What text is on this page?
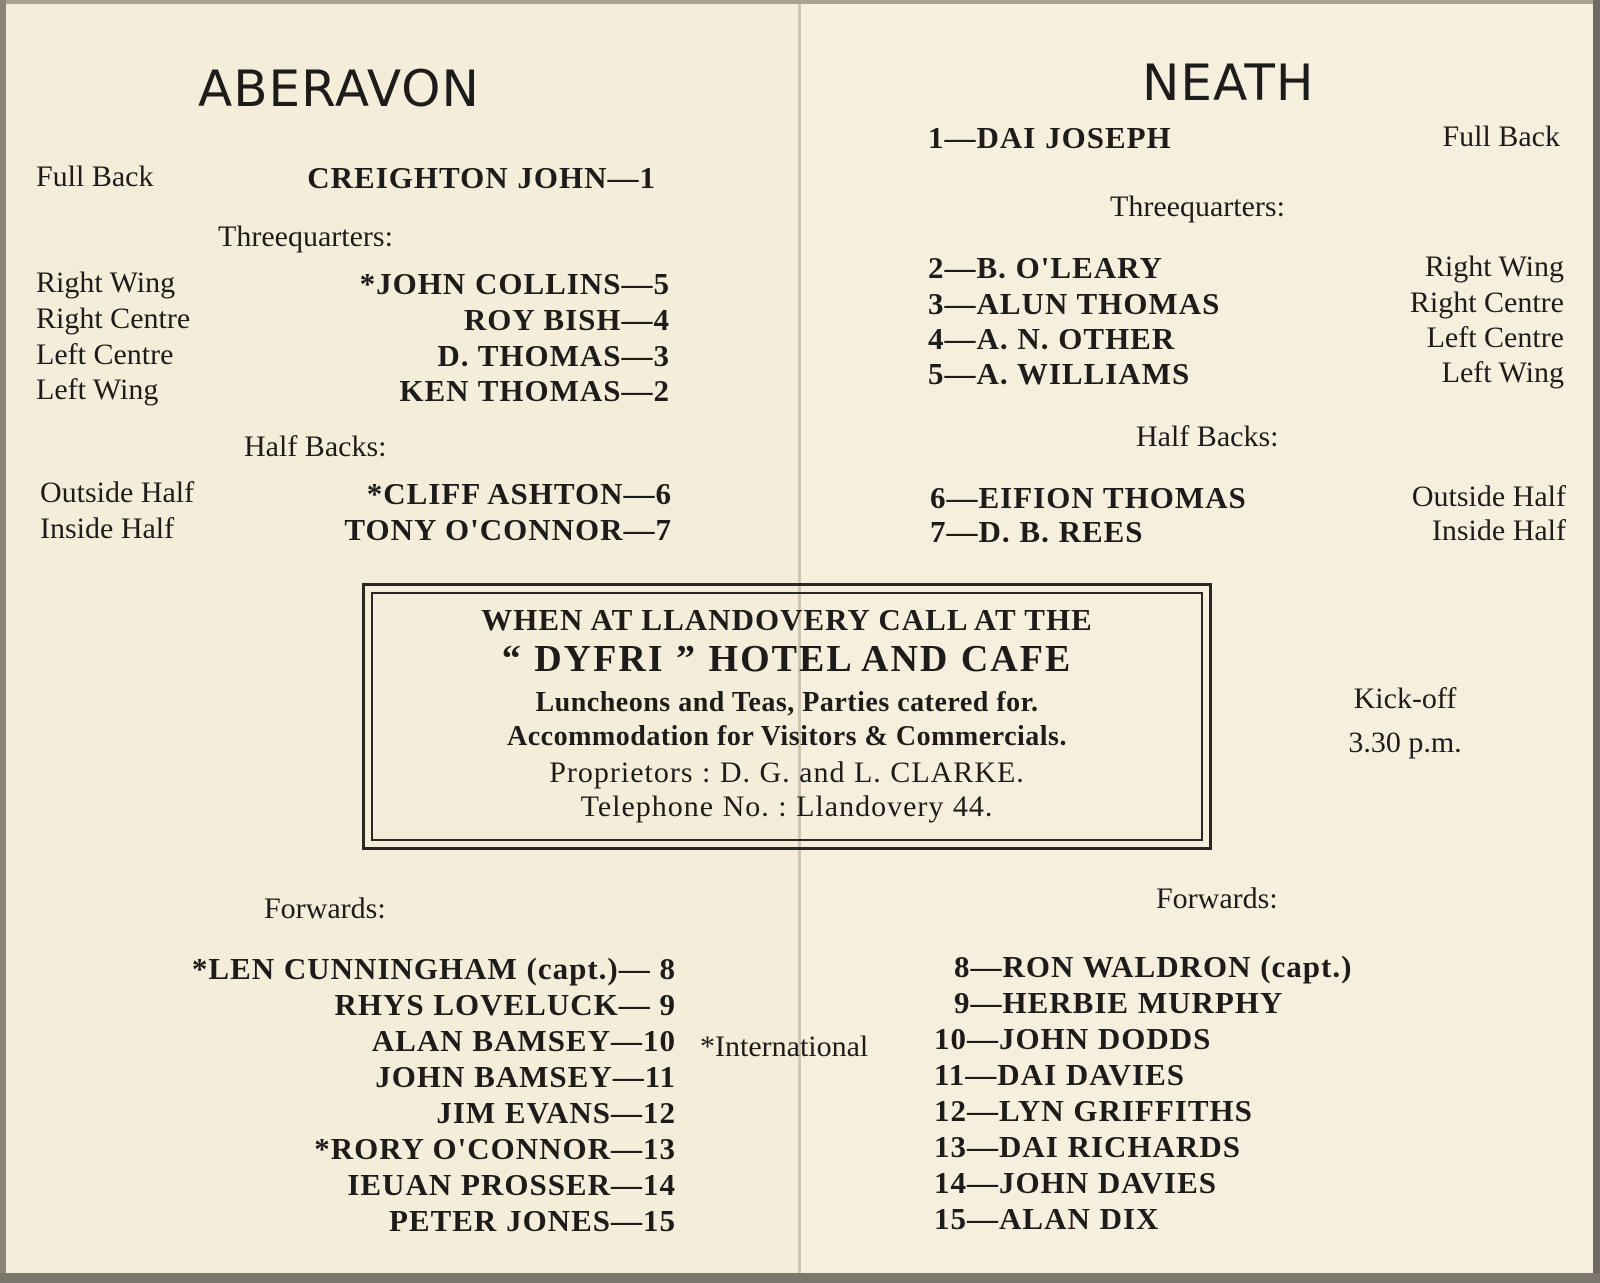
ABERAVON
Full Back	CREIGHTON JOHN—1
Threequarters:
Right Wing	*JOHN COLLINS—5
Right Centre	ROY BISH—4
Left Centre	D. THOMAS—3
Left Wing	KEN THOMAS—2
Half Backs:
Outside Half	*CLIFF ASHTON—6
Inside Half	TONY O'CONNOR—7
Forwards:
*LEN CUNNINGHAM (capt.)— 8
RHYS LOVELUCK— 9
ALAN BAMSEY—10
JOHN BAMSEY—11
JIM EVANS—12
*RORY O'CONNOR—13
IEUAN PROSSER—14
PETER JONES—15
*International
NEATH
1—DAI JOSEPH	Full Back
Threequarters:
2—B. O'LEARY	Right Wing
3—ALUN THOMAS	Right Centre
4—A. N. OTHER	Left Centre
5—A. WILLIAMS	Left Wing
Half Backs:
6—EIFION THOMAS	Outside Half
7—D. B. REES	Inside Half
Kick-off
3.30 p.m.
Forwards:
8—RON WALDRON (capt.)
9—HERBIE MURPHY
10—JOHN DODDS
11—DAI DAVIES
12—LYN GRIFFITHS
13—DAI RICHARDS
14—JOHN DAVIES
15—ALAN DIX
WHEN AT LLANDOVERY CALL AT THE
“ DYFRI ” HOTEL AND CAFE
Luncheons and Teas, Parties catered for.
Accommodation for Visitors & Commercials.
Proprietors : D. G. and L. CLARKE.
Telephone No. : Llandovery 44.
